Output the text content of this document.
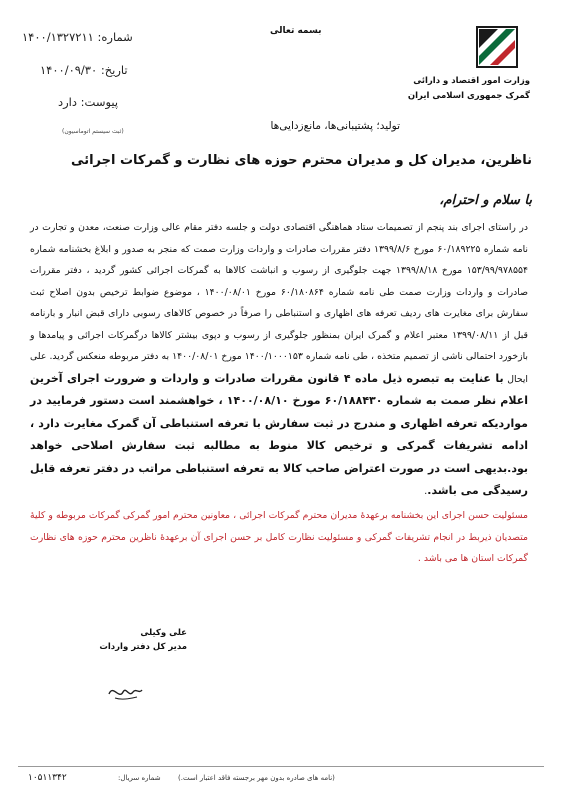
شماره: ۱۴۰۰/۱۳۲۷۲۱۱
تاریخ: ۱۴۰۰/۰۹/۳۰
پیوست: دارد
(ثبت سیستم اتوماسیون)
بسمه تعالی
وزارت امور اقتصاد و دارائی
گمرک جمهوری اسلامی ایران
تولید؛ پشتیبانی‌ها، مانع‌زدایی‌ها
ناظرین، مدیران کل و مدیران محترم حوزه های نظارت و گمرکات اجرائی
با سلام و احترام،
در راستای اجرای بند پنجم از تصمیمات ستاد هماهنگی اقتصادی دولت و جلسه دفتر مقام عالی وزارت صنعت، معدن و تجارت در نامه شماره ۶۰/۱۸۹۲۲۵ مورخ ۱۳۹۹/۸/۶ دفتر مقررات صادرات و واردات وزارت صمت که منجر به صدور و ابلاغ بخشنامه شماره ۱۵۳/۹۹/۹۷۸۵۵۴ مورخ ۱۳۹۹/۸/۱۸ جهت جلوگیری از رسوب و انباشت کالاها به گمرکات اجرائی کشور گردید ، دفتر مقررات صادرات و واردات وزارت صمت طی نامه شماره ۶۰/۱۸۰۸۶۴ مورخ ۱۴۰۰/۰۸/۰۱ ، موضوع ضوابط ترخیص بدون اصلاح ثبت سفارش برای مغایرت های ردیف تعرفه های اظهاری و استنباطی را صرفاً در خصوص کالاهای رسوبی دارای قبض انبار و بارنامه قبل از ۱۳۹۹/۰۸/۱۱ معتبر اعلام و گمرک ایران بمنظور جلوگیری از رسوب و دپوی بیشتر کالاها درگمرکات اجرائی و پیامدها و بازخورد احتمالی ناشی از تصمیم متخذه ، طی نامه شماره ۱۴۰۰/۱۰۰۰۱۵۳ مورخ ۱۴۰۰/۰۸/۰۱ به دفتر مربوطه منعکس گردید. علی ایحال با عنایت به تبصره ذیل ماده ۴ قانون مقررات صادرات و واردات و ضرورت اجرای آخرین اعلام نظر صمت به شماره ۶۰/۱۸۸۴۳۰ مورخ ۱۴۰۰/۰۸/۱۰ ، خواهشمند است دستور فرمایید در موارد‌یکه تعرفه اظهاری و مندرج در ثبت سفارش با تعرفه استنباطی آن گمرک مغایرت دارد ، ادامه تشریفات گمرکی و ترخیص کالا منوط به مطالبه ثبت سفارش اصلاحی خواهد بود.بدیهی است در صورت اعتراض صاحب کالا به تعرفه استنباطی مراتب در دفتر تعرفه قابل رسیدگی می باشد..
مسئولیت حسن اجرای این بخشنامه برعهدهٔ مدیران محترم گمرکات اجرائی ، معاونین محترم امور گمرکی گمرکات مربوطه و کلیهٔ متصدیان ذیربط در انجام تشریفات گمرکی و مسئولیت نظارت کامل بر حسن اجرای آن برعهدهٔ ناظرین محترم حوزه های نظارت گمرکات استان ها می باشد .
علی وکیلی
مدیر کل دفتر واردات
(نامه های صادره بدون مهر برجسته فاقد اعتبار است.)
شماره سریال:
۱۰۵۱۱۳۴۲
